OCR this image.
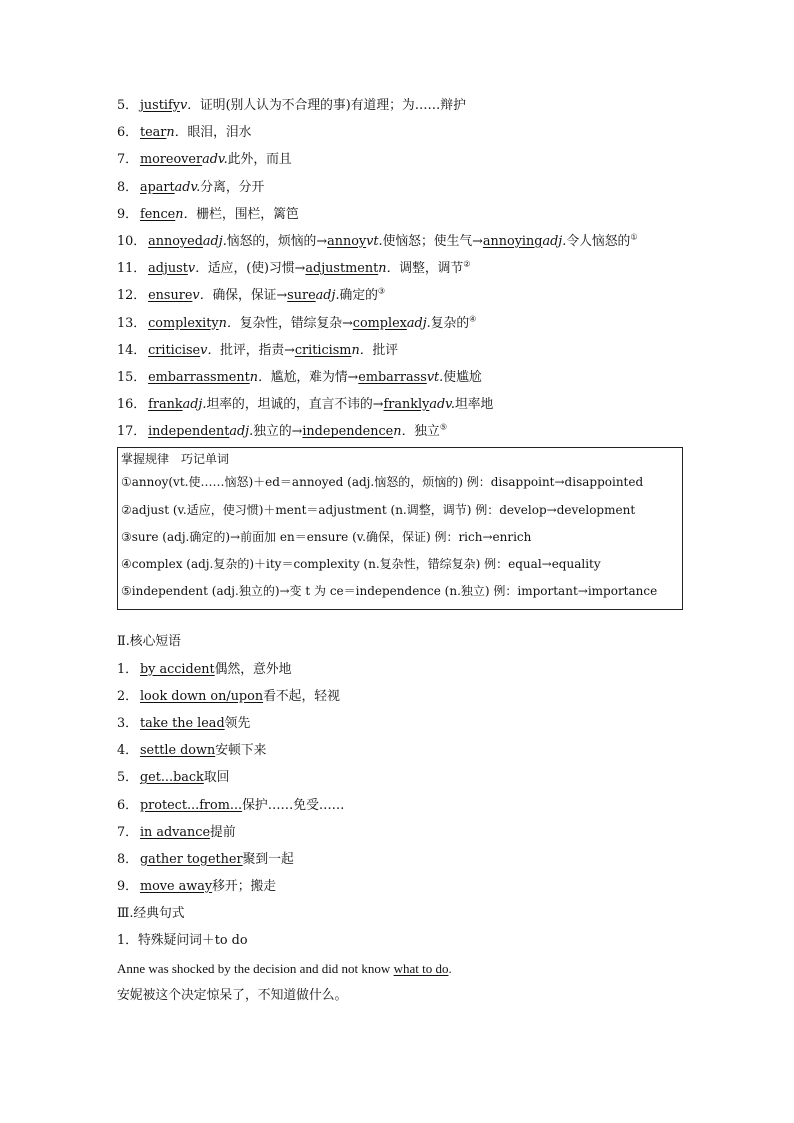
5． justifyv．证明(别人认为不合理的事)有道理；为……辩护
6． tearn．眼泪，泪水
7． moreoveradv.此外，而且
8． apartadv.分离，分开
9． fencen．栅栏，围栏，篱笆
10． annoyedadj.恼怒的，烦恼的→annoyvt.使恼怒；使生气→annoyingadj.令人恼怒的①
11． adjustv．适应，(使)习惯→adjustmentn．调整，调节②
12． ensurev．确保，保证→sureadj.确定的③
13． complexityn．复杂性，错综复杂→complexadj.复杂的④
14． criticisev．批评，指责→criticismn．批评
15． embarrassmentn．尴尬，难为情→embarrassvt.使尴尬
16． frankadj.坦率的，坦诚的，直言不讳的→franklyadv.坦率地
17． independentadj.独立的→independencen．独立⑤
掌握规律　巧记单词
①annoy(vt.使……恼怒)＋ed＝annoyed (adj.恼怒的，烦恼的) 例：disappoint→disappointed
②adjust (v.适应，使习惯)＋ment＝adjustment (n.调整，调节) 例：develop→development
③sure (adj.确定的)→前面加 en＝ensure (v.确保，保证) 例：rich→enrich
④complex (adj.复杂的)＋ity＝complexity (n.复杂性，错综复杂) 例：equal→equality
⑤independent (adj.独立的)→变 t 为 ce＝independence (n.独立) 例：important→importance
Ⅱ.核心短语
1． by accident偶然，意外地
2． look down on/upon看不起，轻视
3． take the lead领先
4． settle down安顿下来
5． get...back取回
6． protect...from...保护……免受……
7． in advance提前
8． gather together聚到一起
9． move away移开；搬走
Ⅲ.经典句式
1．特殊疑问词＋to do
Anne was shocked by the decision and did not know what to do.
安妮被这个决定惊呆了，不知道做什么。
